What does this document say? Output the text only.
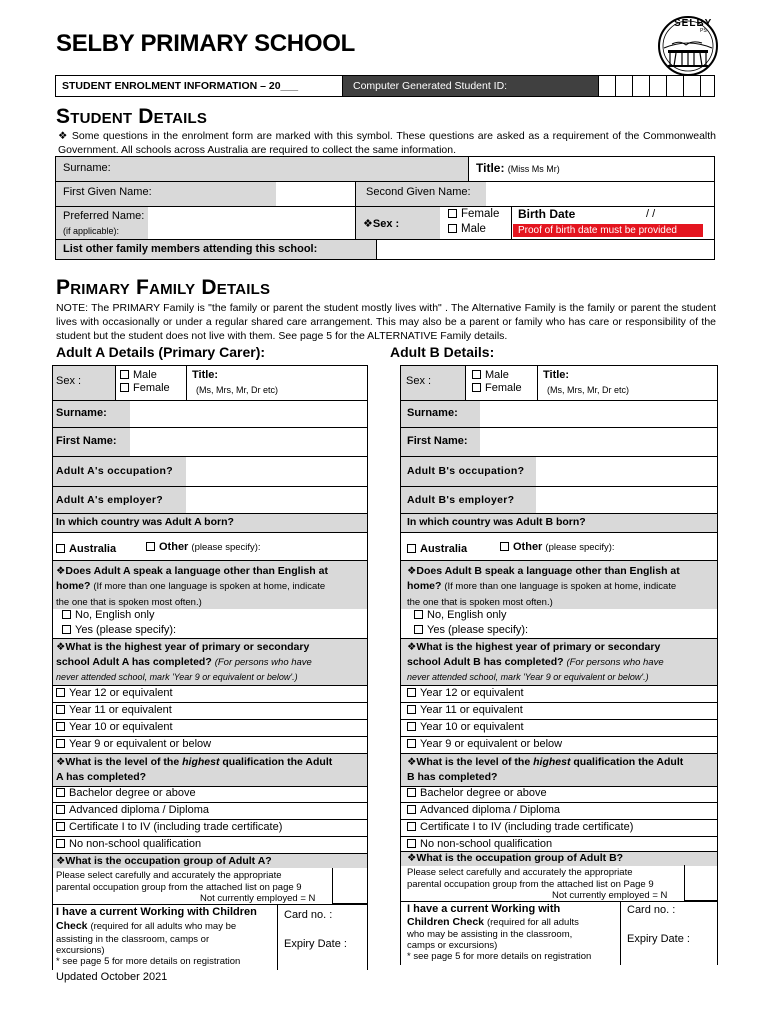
SELBY PRIMARY SCHOOL
SELBY
PS
STUDENT ENROLMENT INFORMATION – 20___	Computer Generated Student ID:
Student Details
❖ Some questions in the enrolment form are marked with this symbol. These questions are asked as a requirement of the Commonwealth Government. All schools across Australia are required to collect the same information.
Surname:	Title: (Miss Ms Mr)
First Given Name:	Second Given Name:
Preferred Name:
(if applicable):
❖Sex :
Female
Male
Birth Date	/ /
Proof of birth date must be provided
List other family members attending this school:
Primary Family Details
NOTE: The PRIMARY Family is "the family or parent the student mostly lives with" . The Alternative Family is the family or parent the student lives with occasionally or under a regular shared care arrangement. This may also be a parent or family who has care or responsibility of the student but the student does not live with them. See page 5 for the ALTERNATIVE Family details.
Adult A Details (Primary Carer):	Adult B Details:
Sex :	Male
Female
Title:
(Ms, Mrs, Mr, Dr etc)
Surname:
First Name:
Adult A's occupation?
Adult A's employer?
In which country was Adult A born?
Australia	Other (please specify):
❖Does Adult A speak a language other than English at
home? (If more than one language is spoken at home, indicate
the one that is spoken most often.)
No, English only
Yes (please specify):
❖What is the highest year of primary or secondary
school Adult A has completed? (For persons who have
never attended school, mark 'Year 9 or equivalent or below'.)
Year 12 or equivalent
Year 11 or equivalent
Year 10 or equivalent
Year 9 or equivalent or below
❖What is the level of the highest qualification the Adult
A has completed?
Bachelor degree or above
Advanced diploma / Diploma
Certificate I to IV (including trade certificate)
No non-school qualification
❖What is the occupation group of Adult A?
Please select carefully and accurately the appropriate
parental occupation group from the attached list on page 9
Not currently employed = N
I have a current Working with Children
Check (required for all adults who may be
assisting in the classroom, camps or
excursions)
* see page 5 for more details on registration
Card no. :
Expiry Date :
Sex :	Male
Female
Title:
(Ms, Mrs, Mr, Dr etc)
Surname:
First Name:
Adult B's occupation?
Adult B's employer?
In which country was Adult B born?
Australia	Other (please specify):
❖Does Adult B speak a language other than English at
home? (If more than one language is spoken at home, indicate
the one that is spoken most often.)
No, English only
Yes (please specify):
❖What is the highest year of primary or secondary
school Adult B has completed? (For persons who have
never attended school, mark 'Year 9 or equivalent or below'.)
Year 12 or equivalent
Year 11 or equivalent
Year 10 or equivalent
Year 9 or equivalent or below
❖What is the level of the highest qualification the Adult
B has completed?
Bachelor degree or above
Advanced diploma / Diploma
Certificate I to IV (including trade certificate)
No non-school qualification
❖What is the occupation group of Adult B?
Please select carefully and accurately the appropriate
parental occupation group from the attached list on Page 9
Not currently employed = N
I have a current Working with
Children Check (required for all adults
who may be assisting in the classroom,
camps or excursions)
* see page 5 for more details on registration
Card no. :
Expiry Date :
Updated October 2021
